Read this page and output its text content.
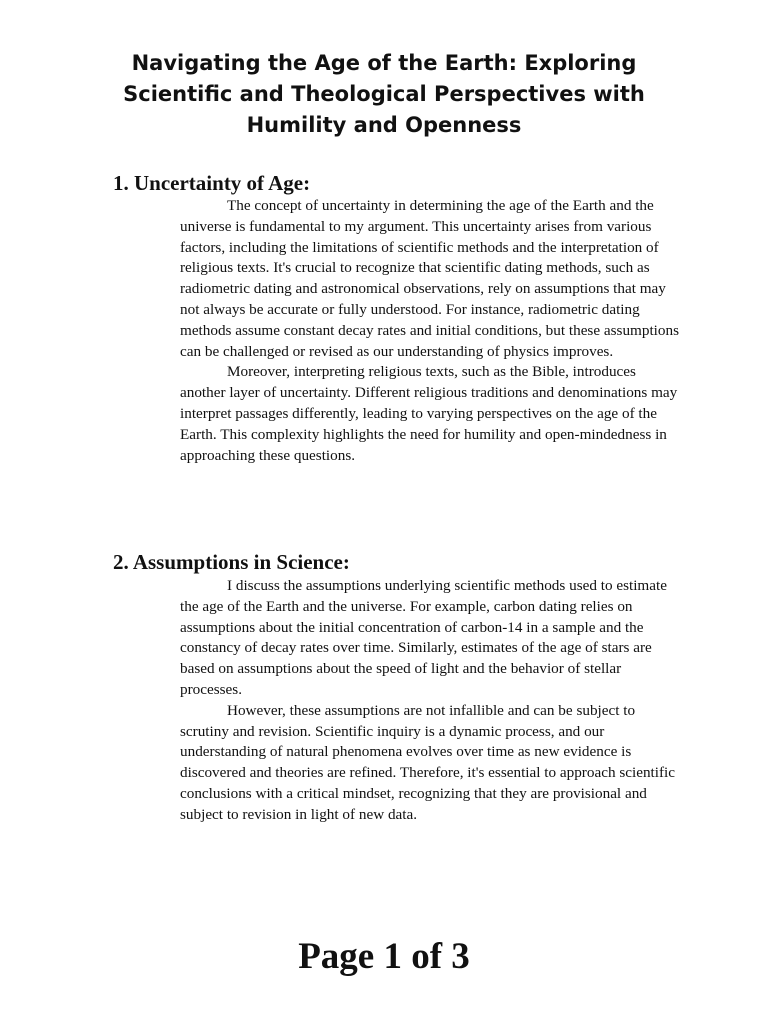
Navigating the Age of the Earth: Exploring Scientific and Theological Perspectives with Humility and Openness
1. Uncertainty of Age:

The concept of uncertainty in determining the age of the Earth and the universe is fundamental to my argument. This uncertainty arises from various factors, including the limitations of scientific methods and the interpretation of religious texts. It's crucial to recognize that scientific dating methods, such as radiometric dating and astronomical observations, rely on assumptions that may not always be accurate or fully understood. For instance, radiometric dating methods assume constant decay rates and initial conditions, but these assumptions can be challenged or revised as our understanding of physics improves.

Moreover, interpreting religious texts, such as the Bible, introduces another layer of uncertainty. Different religious traditions and denominations may interpret passages differently, leading to varying perspectives on the age of the Earth. This complexity highlights the need for humility and open-mindedness in approaching these questions.

2. Assumptions in Science:

I discuss the assumptions underlying scientific methods used to estimate the age of the Earth and the universe. For example, carbon dating relies on assumptions about the initial concentration of carbon-14 in a sample and the constancy of decay rates over time. Similarly, estimates of the age of stars are based on assumptions about the speed of light and the behavior of stellar processes.

However, these assumptions are not infallible and can be subject to scrutiny and revision. Scientific inquiry is a dynamic process, and our understanding of natural phenomena evolves over time as new evidence is discovered and theories are refined. Therefore, it's essential to approach scientific conclusions with a critical mindset, recognizing that they are provisional and subject to revision in light of new data.

Page 1 of 3
